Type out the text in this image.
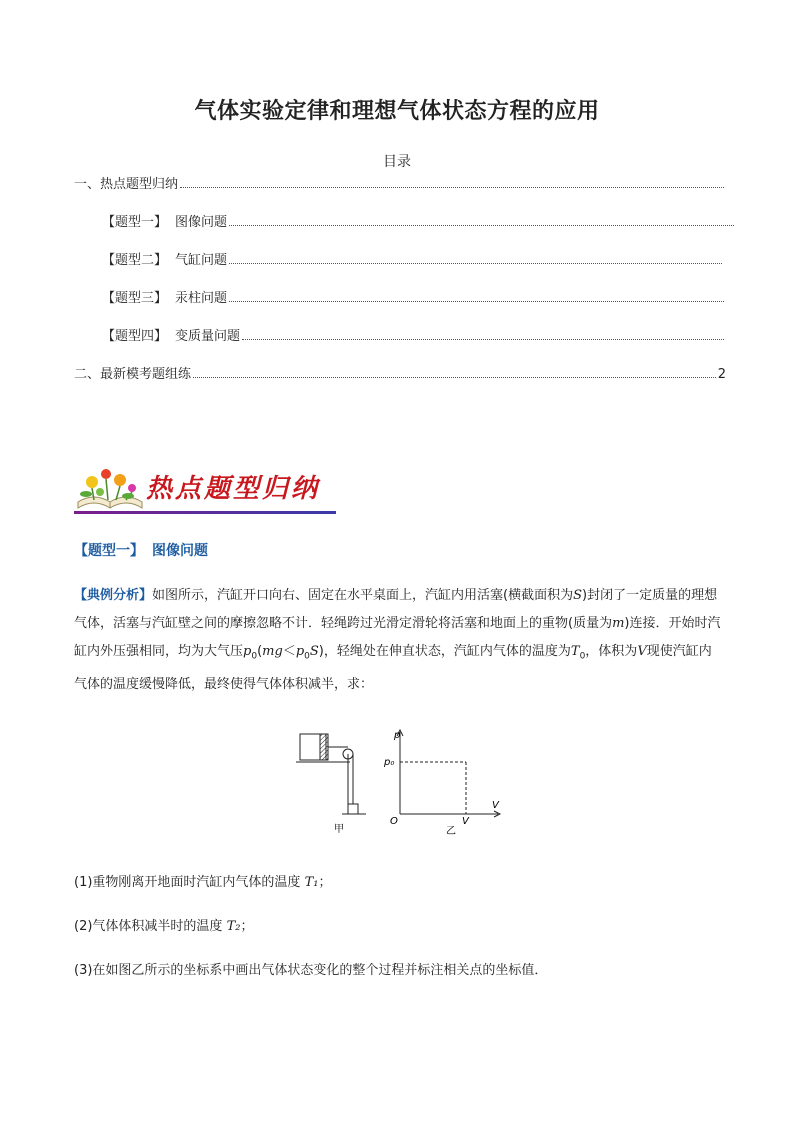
气体实验定律和理想气体状态方程的应用
目录
一、热点题型归纳
【题型一】 图像问题
【题型二】 气缸问题
【题型三】 汞柱问题
【题型四】 变质量问题
二、最新模考题组练	2
热点题型归纳
【题型一】 图像问题
【典例分析】如图所示，汽缸开口向右、固定在水平桌面上，汽缸内用活塞(横截面积为S)封闭了一定质量的理想气体，活塞与汽缸壁之间的摩擦忽略不计．轻绳跨过光滑定滑轮将活塞和地面上的重物(质量为m)连接．开始时汽缸内外压强相同，均为大气压$p_0(mg<p_0S)$，轻绳处在伸直状态，汽缸内气体的温度为$T_0$，体积为V现使汽缸内气体的温度缓慢降低，最终使得气体体积减半，求：
甲
p
p₀
O	V
V
乙
(1)重物刚离开地面时汽缸内气体的温度 T₁；
(2)气体体积减半时的温度 T₂；
(3)在如图乙所示的坐标系中画出气体状态变化的整个过程并标注相关点的坐标值．
